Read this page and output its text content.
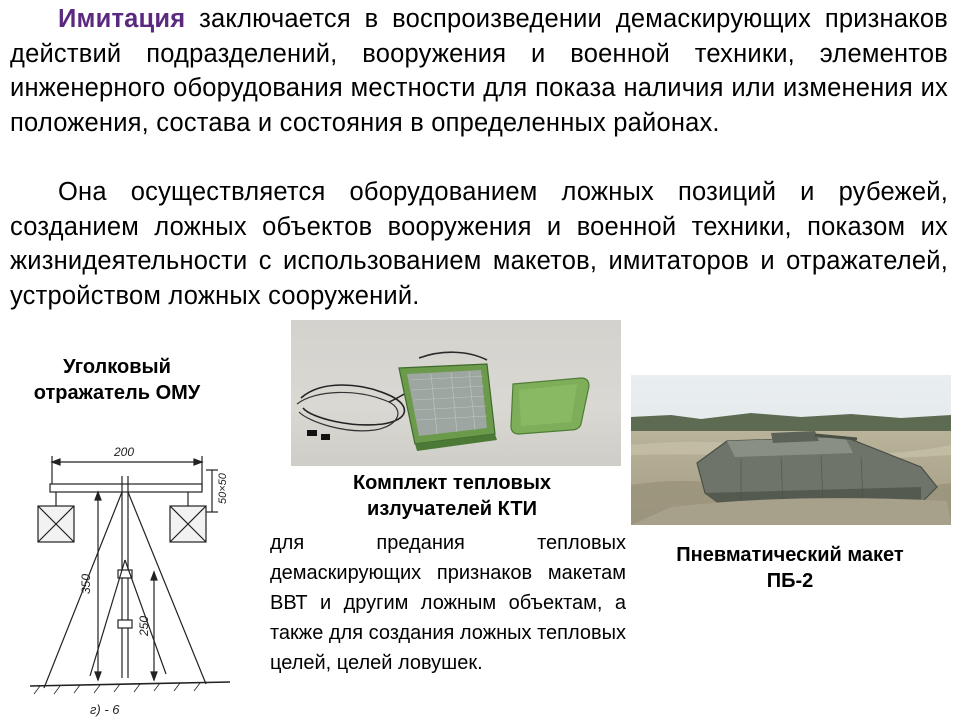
Имитация заключается в воспроизведении демаскирующих признаков действий подразделений, вооружения и военной техники, элементов инженерного оборудования местности для показа наличия или изменения их положения, состава и состояния в определенных районах.

Она осуществляется оборудованием ложных позиций и рубежей, созданием ложных объектов вооружения и военной техники, показом их жизнидеятельности с использованием макетов, имитаторов и отражателей, устройством ложных сооружений.

200
50×50
350
250
г) - 6
Уголковый отражатель ОМУ
Комплект тепловых излучателей КТИ

для предания тепловых демаскирующих признаков макетам ВВТ и другим ложным объектам, а также для создания ложных тепловых целей, целей ловушек.

Пневматический макет ПБ-2
